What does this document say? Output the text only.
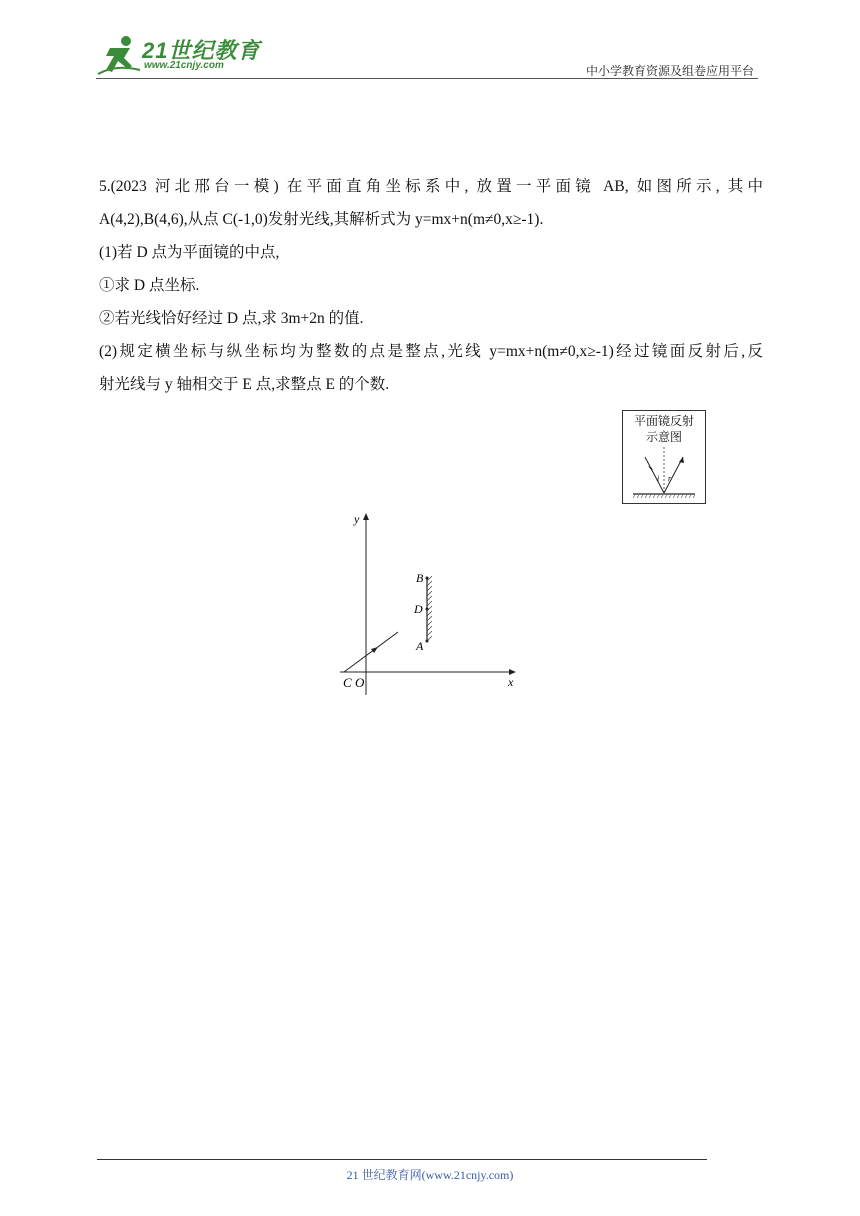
21世纪教育
www.21cnjy.com	中小学教育资源及组卷应用平台

5.(2023 河北邢台一模) 在平面直角坐标系中, 放置一平面镜 AB, 如图所示, 其中

A(4,2),B(4,6),从点 C(-1,0)发射光线,其解析式为 y=mx+n(m≠0,x≥-1).

(1)若 D 点为平面镜的中点,

①求 D 点坐标.

②若光线恰好经过 D 点,求 3m+2n 的值.

(2)规定横坐标与纵坐标均为整数的点是整点,光线 y=mx+n(m≠0,x≥-1)经过镜面反射后,反

射光线与 y 轴相交于 E 点,求整点 E 的个数.

平面镜反射
示意图
i r
x
y
O
C
B
D
A
21 世纪教育网(www.21cnjy.com)
